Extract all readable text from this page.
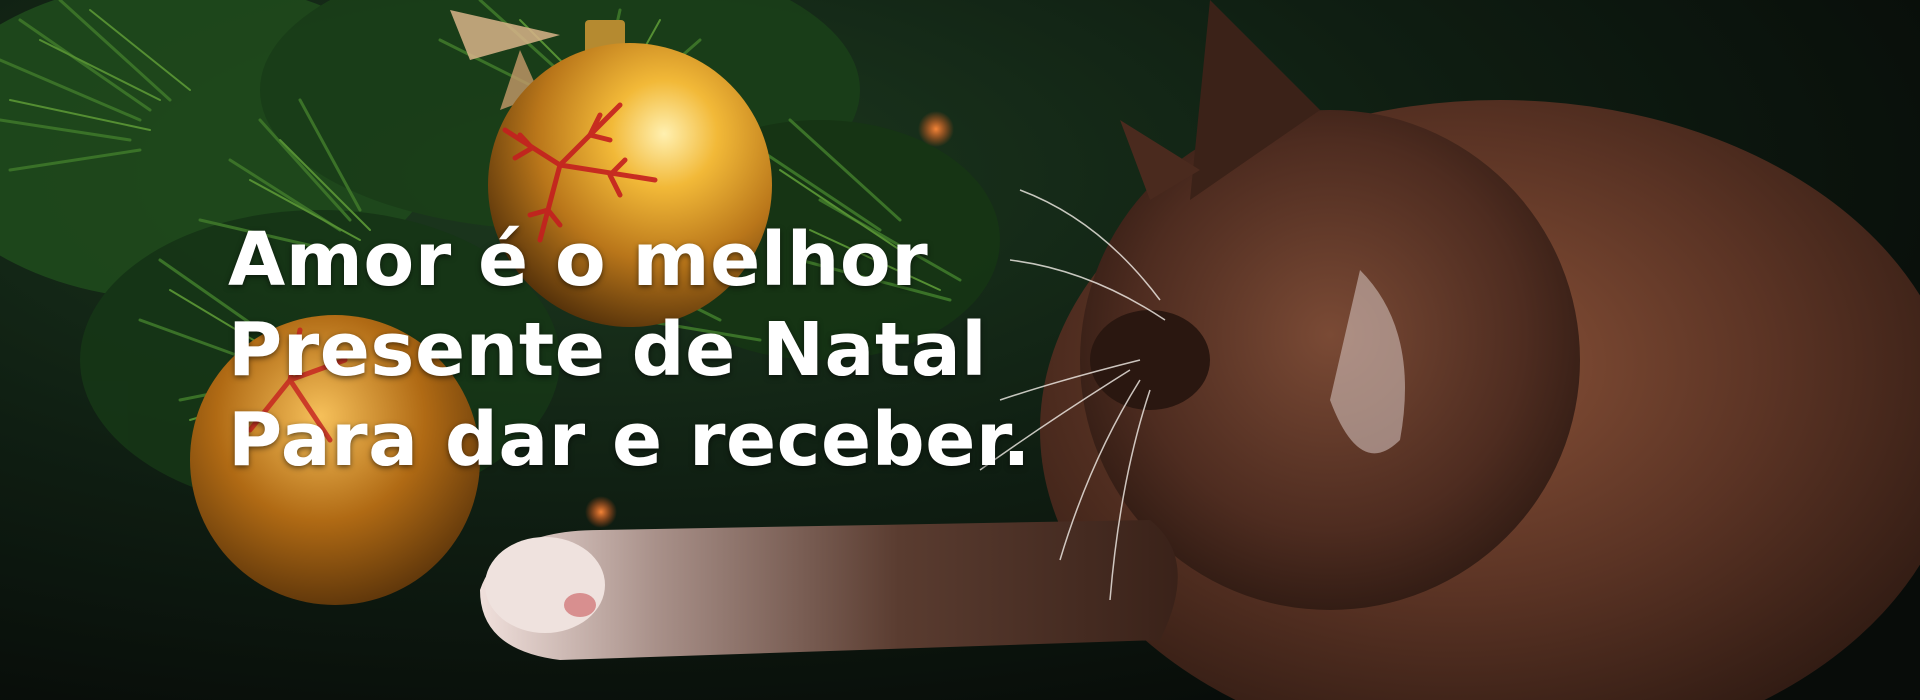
Amor é o melhor
Presente de Natal
Para dar e receber.
